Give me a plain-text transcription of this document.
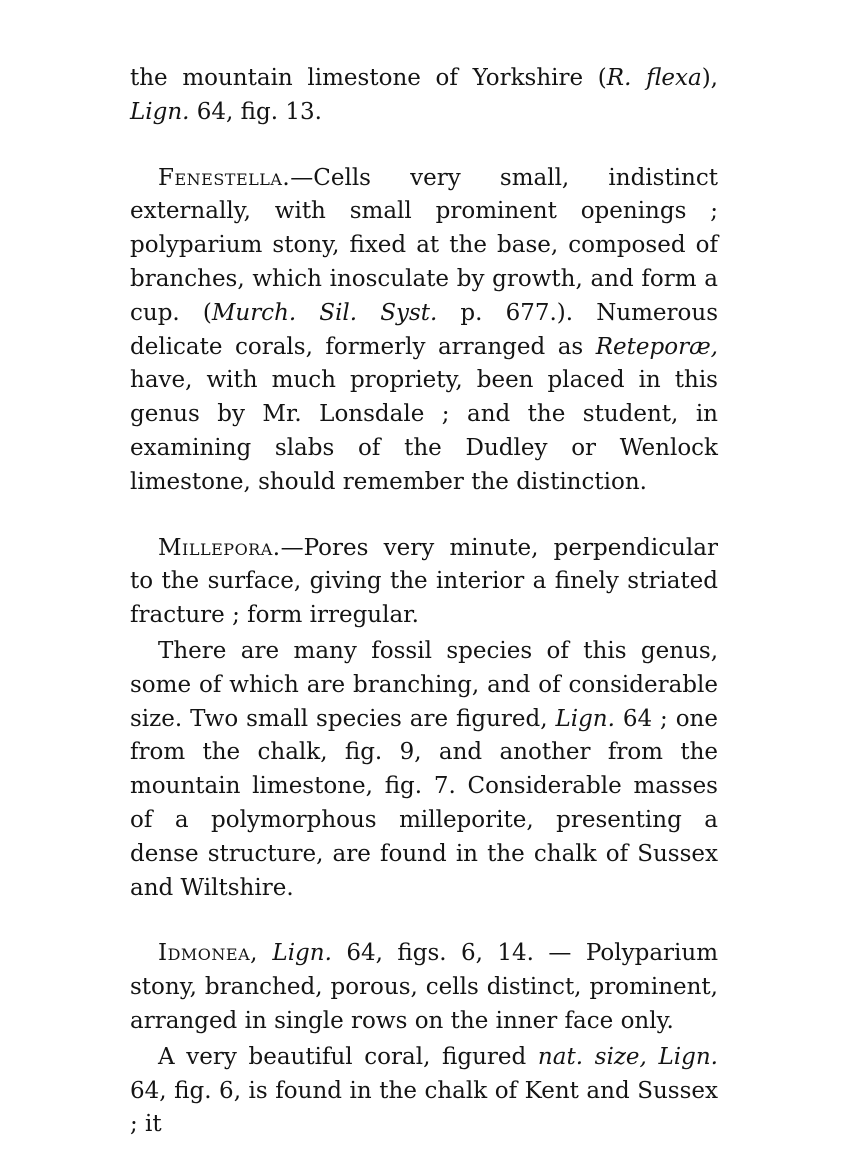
the mountain limestone of Yorkshire (R. flexa), Lign. 64, fig. 13.

Fenestella.—Cells very small, indistinct externally, with small prominent openings ; polyparium stony, fixed at the base, composed of branches, which inosculate by growth, and form a cup. (Murch. Sil. Syst. p. 677.). Numerous delicate corals, formerly arranged as Reteporæ, have, with much propriety, been placed in this genus by Mr. Lonsdale ; and the student, in examining slabs of the Dudley or Wenlock limestone, should remember the distinction.

Millepora.—Pores very minute, perpendicular to the surface, giving the interior a finely striated fracture ; form irregular.

There are many fossil species of this genus, some of which are branching, and of considerable size. Two small species are figured, Lign. 64 ; one from the chalk, fig. 9, and another from the mountain limestone, fig. 7. Considerable masses of a polymorphous milleporite, presenting a dense structure, are found in the chalk of Sussex and Wiltshire.

Idmonea, Lign. 64, figs. 6, 14. — Polyparium stony, branched, porous, cells distinct, prominent, arranged in single rows on the inner face only.

A very beautiful coral, figured nat. size, Lign. 64, fig. 6, is found in the chalk of Kent and Sussex ; it
